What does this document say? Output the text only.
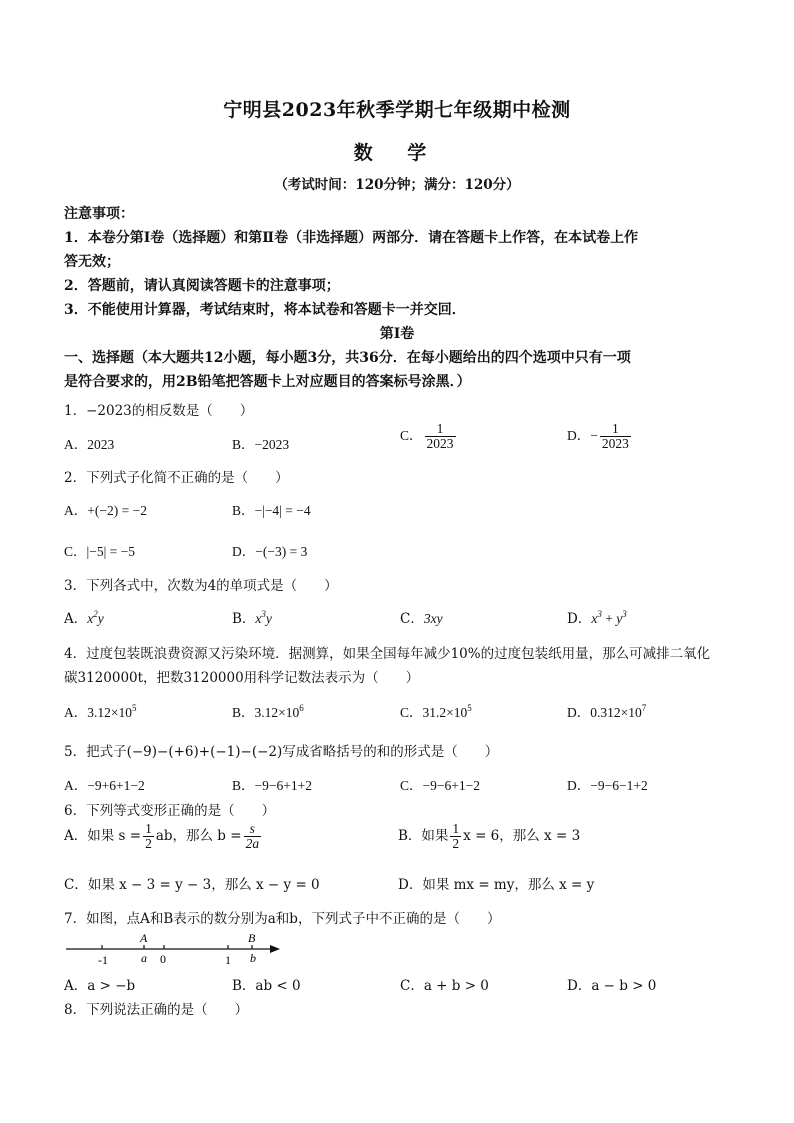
宁明县2023年秋季学期七年级期中检测
数 学
（考试时间：120分钟；满分：120分）
注意事项：
1．本卷分第Ⅰ卷（选择题）和第Ⅱ卷（非选择题）两部分．请在答题卡上作答，在本试卷上作
答无效；
2．答题前，请认真阅读答题卡的注意事项；
3．不能使用计算器，考试结束时，将本试卷和答题卡一并交回．
第Ⅰ卷
一、选择题（本大题共12小题，每小题3分，共36分．在每小题给出的四个选项中只有一项
是符合要求的，用2B铅笔把答题卡上对应题目的答案标号涂黑．）
1．−2023的相反数是（　　）
A．2023	B．−2023
C． $\frac{1}{2023}$	D．− $\frac{1}{2023}$
2．下列式子化简不正确的是（　　）
A．+(−2) = −2	B．−|−4| = −4
C．|−5| = −5	D．−(−3) = 3
3．下列各式中，次数为4的单项式是（　　）
A．$x^2y$	B．$x^3y$	C．3xy	D．$x^3 + y^3$
4．过度包装既浪费资源又污染环境．据测算，如果全国每年减少10%的过度包装纸用量，那么可减排二氧化
碳3120000t，把数3120000用科学记数法表示为（　　）
A．$3.12\times 10^5$	B．$3.12\times 10^6$	C．$31.2\times 10^5$	D．$0.312\times 10^7$
5．把式子(−9)−(+6)+(−1)−(−2)写成省略括号的和的形式是（　　）
A．−9+6+1−2	B．−9−6+1+2	C．−9−6+1−2	D．−9−6−1+2
6．下列等式变形正确的是（　　）
A．如果 $s = \frac{1}{2}$ ab，那么 $b = \frac{s}{2a}$	B．如果 $\frac{1}{2}$ x = 6，那么 x = 3
C．如果 x − 3 = y − 3，那么 x − y = 0	D．如果 mx = my，那么 x = y
7．如图，点A和B表示的数分别为a和b，下列式子中不正确的是（　　）
-1	0	1
A
a
B
b
A．a > −b	B．ab < 0	C．a + b > 0	D．a − b > 0
8．下列说法正确的是（　　）
